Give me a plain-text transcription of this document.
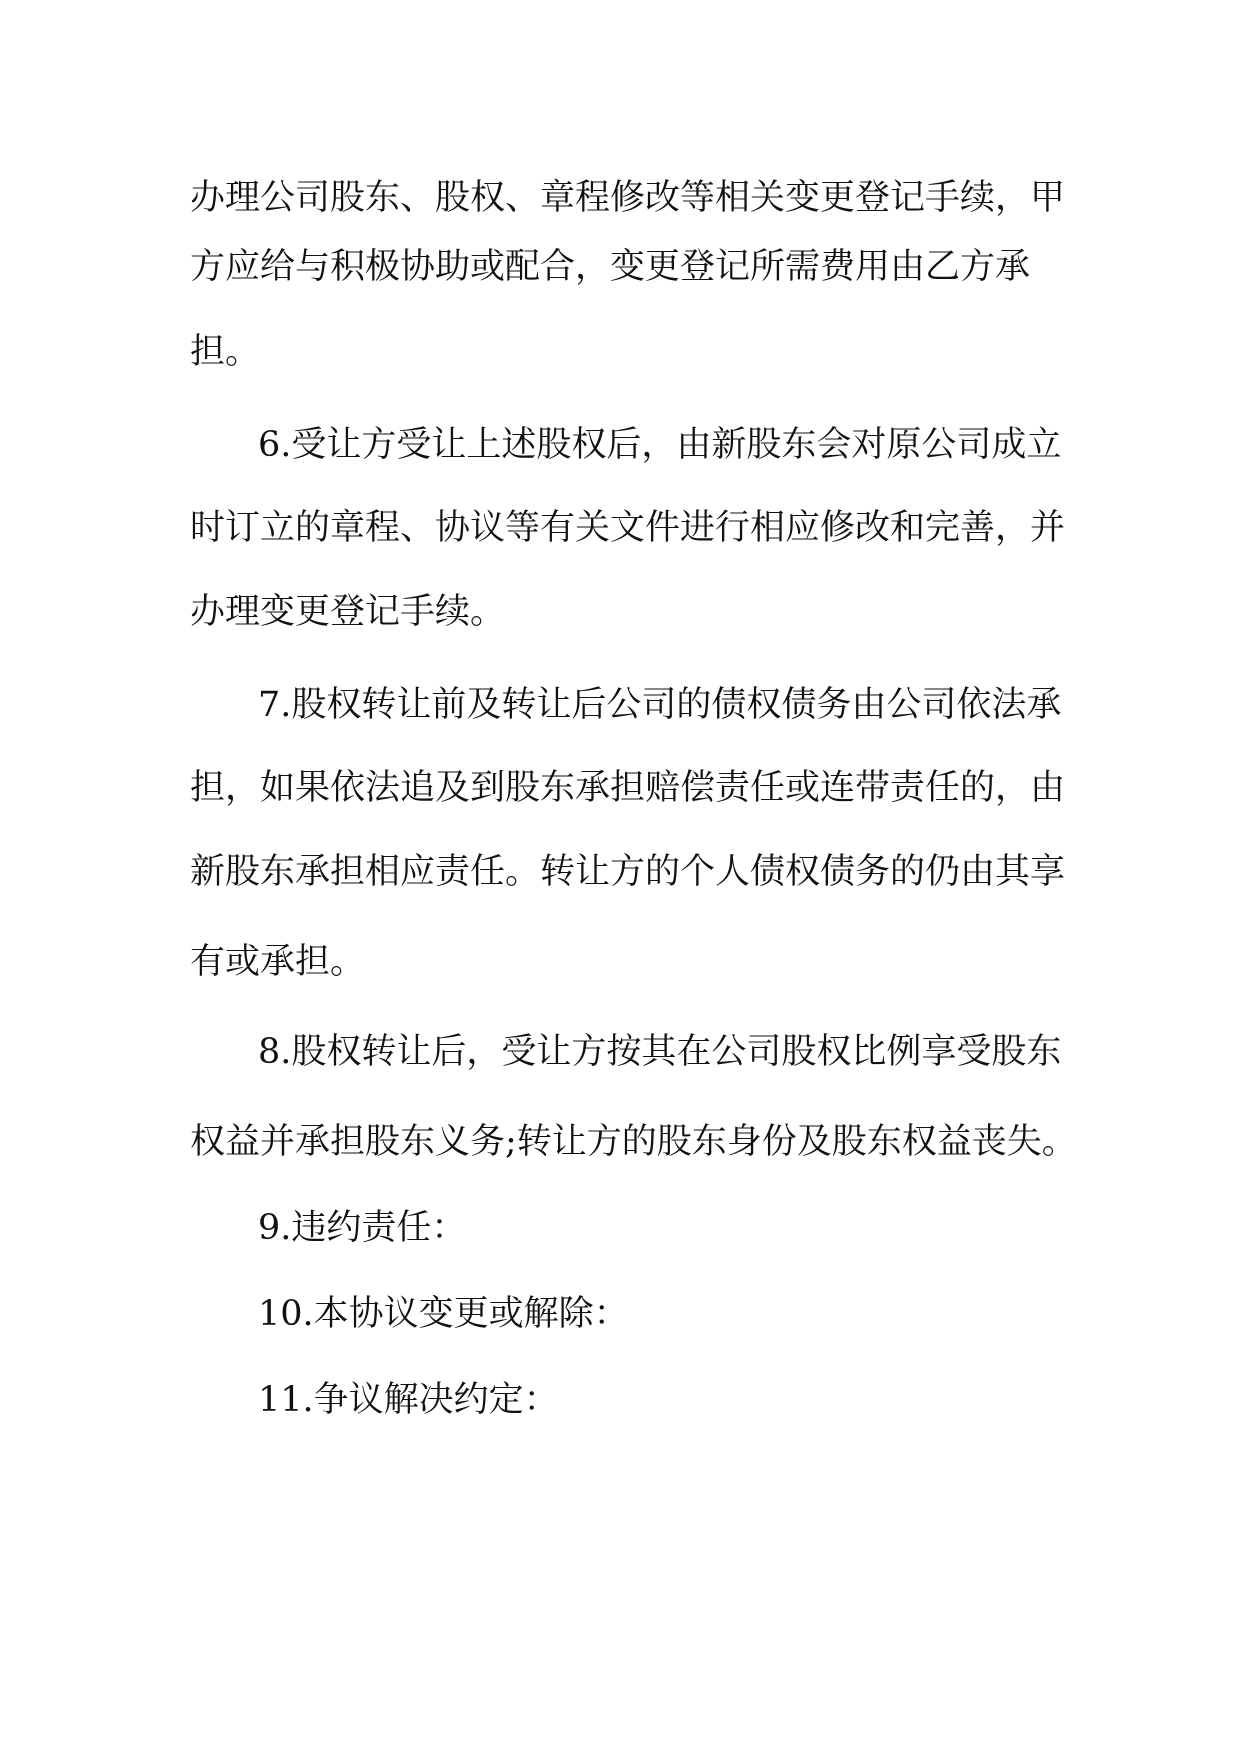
办理公司股东、股权、章程修改等相关变更登记手续，甲
方应给与积极协助或配合，变更登记所需费用由乙方承
担。
6.受让方受让上述股权后，由新股东会对原公司成立
时订立的章程、协议等有关文件进行相应修改和完善，并
办理变更登记手续。
7.股权转让前及转让后公司的债权债务由公司依法承
担，如果依法追及到股东承担赔偿责任或连带责任的，由
新股东承担相应责任。转让方的个人债权债务的仍由其享
有或承担。
8.股权转让后，受让方按其在公司股权比例享受股东
权益并承担股东义务;转让方的股东身份及股东权益丧失。
9.违约责任：
10.本协议变更或解除：
11.争议解决约定：
